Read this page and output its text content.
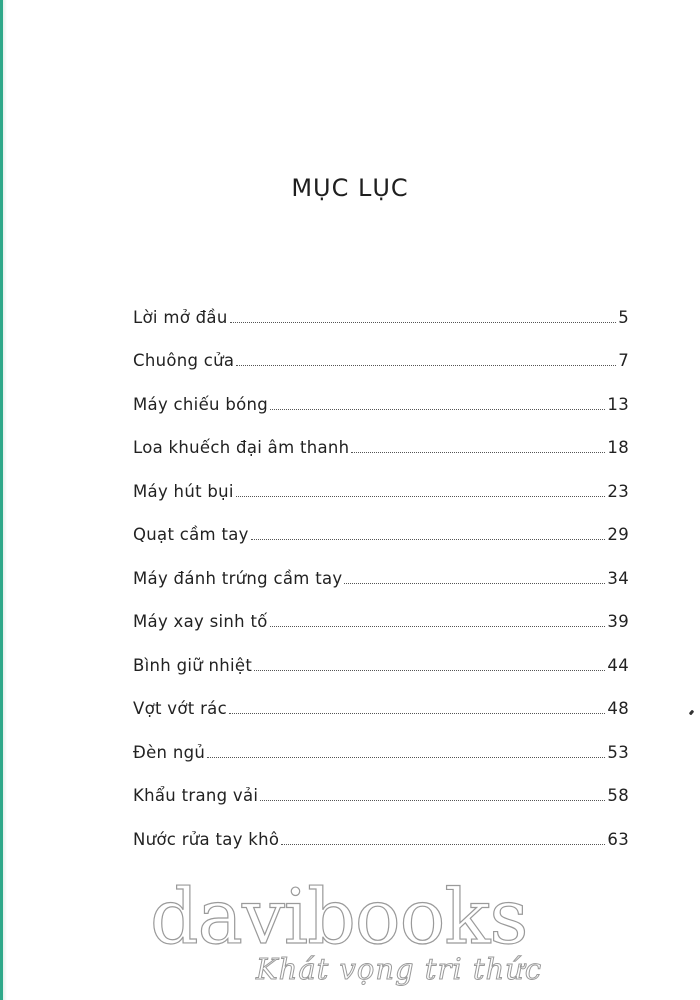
MỤC LỤC
Lời mở đầu	5
Chuông cửa	7
Máy chiếu bóng	13
Loa khuếch đại âm thanh	18
Máy hút bụi	23
Quạt cầm tay	29
Máy đánh trứng cầm tay	34
Máy xay sinh tố	39
Bình giữ nhiệt	44
Vợt vớt rác	48
Đèn ngủ	53
Khẩu trang vải	58
Nước rửa tay khô	63
davibooks
Khát vọng tri thức
